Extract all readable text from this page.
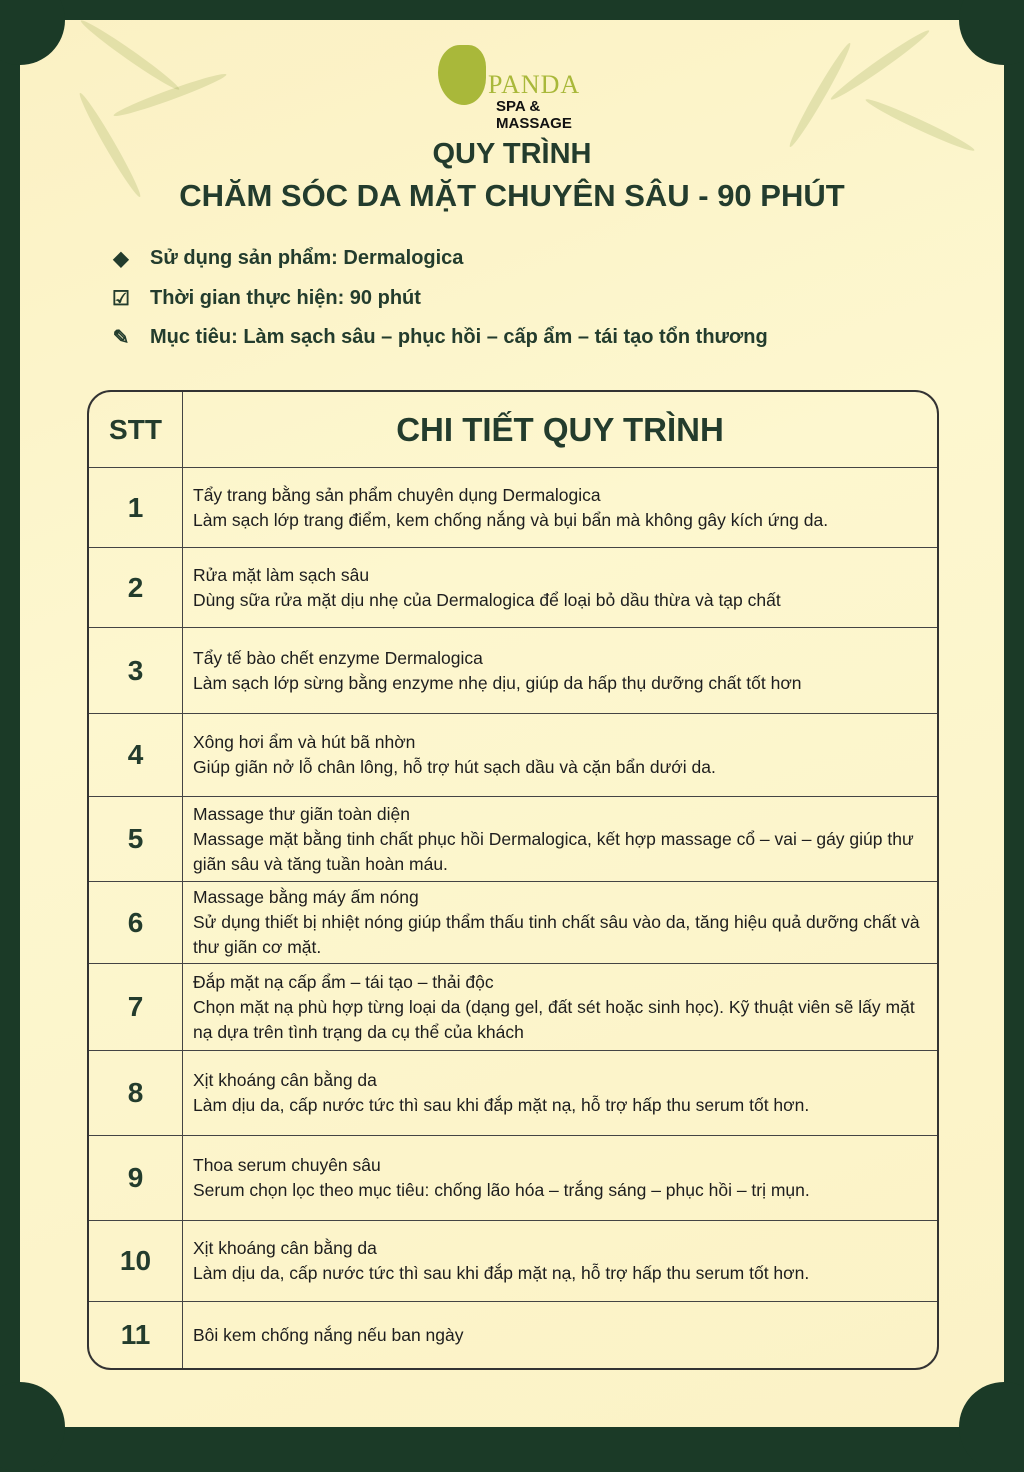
PANDA
SPA & MASSAGE
QUY TRÌNH
CHĂM SÓC DA MẶT CHUYÊN SÂU - 90 PHÚT
◆	Sử dụng sản phẩm: Dermalogica
☑	Thời gian thực hiện: 90 phút
✎	Mục tiêu: Làm sạch sâu – phục hồi – cấp ẩm – tái tạo tổn thương
STT	CHI TIẾT QUY TRÌNH
1	Tẩy trang bằng sản phẩm chuyên dụng Dermalogica
Làm sạch lớp trang điểm, kem chống nắng và bụi bẩn mà không gây kích ứng da.

2	Rửa mặt làm sạch sâu
Dùng sữa rửa mặt dịu nhẹ của Dermalogica để loại bỏ dầu thừa và tạp chất

3	Tẩy tế bào chết enzyme Dermalogica
Làm sạch lớp sừng bằng enzyme nhẹ dịu, giúp da hấp thụ dưỡng chất tốt hơn

4	Xông hơi ẩm và hút bã nhờn
Giúp giãn nở lỗ chân lông, hỗ trợ hút sạch dầu và cặn bẩn dưới da.

5	Massage thư giãn toàn diện
Massage mặt bằng tinh chất phục hồi Dermalogica, kết hợp massage cổ – vai – gáy giúp thư giãn sâu và tăng tuần hoàn máu.

6	Massage bằng máy ấm nóng
Sử dụng thiết bị nhiệt nóng giúp thẩm thấu tinh chất sâu vào da, tăng hiệu quả dưỡng chất và thư giãn cơ mặt.

7	Đắp mặt nạ cấp ẩm – tái tạo – thải độc
Chọn mặt nạ phù hợp từng loại da (dạng gel, đất sét hoặc sinh học). Kỹ thuật viên sẽ lấy mặt nạ dựa trên tình trạng da cụ thể của khách

8	Xịt khoáng cân bằng da
Làm dịu da, cấp nước tức thì sau khi đắp mặt nạ, hỗ trợ hấp thu serum tốt hơn.

9	Thoa serum chuyên sâu
Serum chọn lọc theo mục tiêu: chống lão hóa – trắng sáng – phục hồi – trị mụn.

10	Xịt khoáng cân bằng da
Làm dịu da, cấp nước tức thì sau khi đắp mặt nạ, hỗ trợ hấp thu serum tốt hơn.

11	Bôi kem chống nắng nếu ban ngày
